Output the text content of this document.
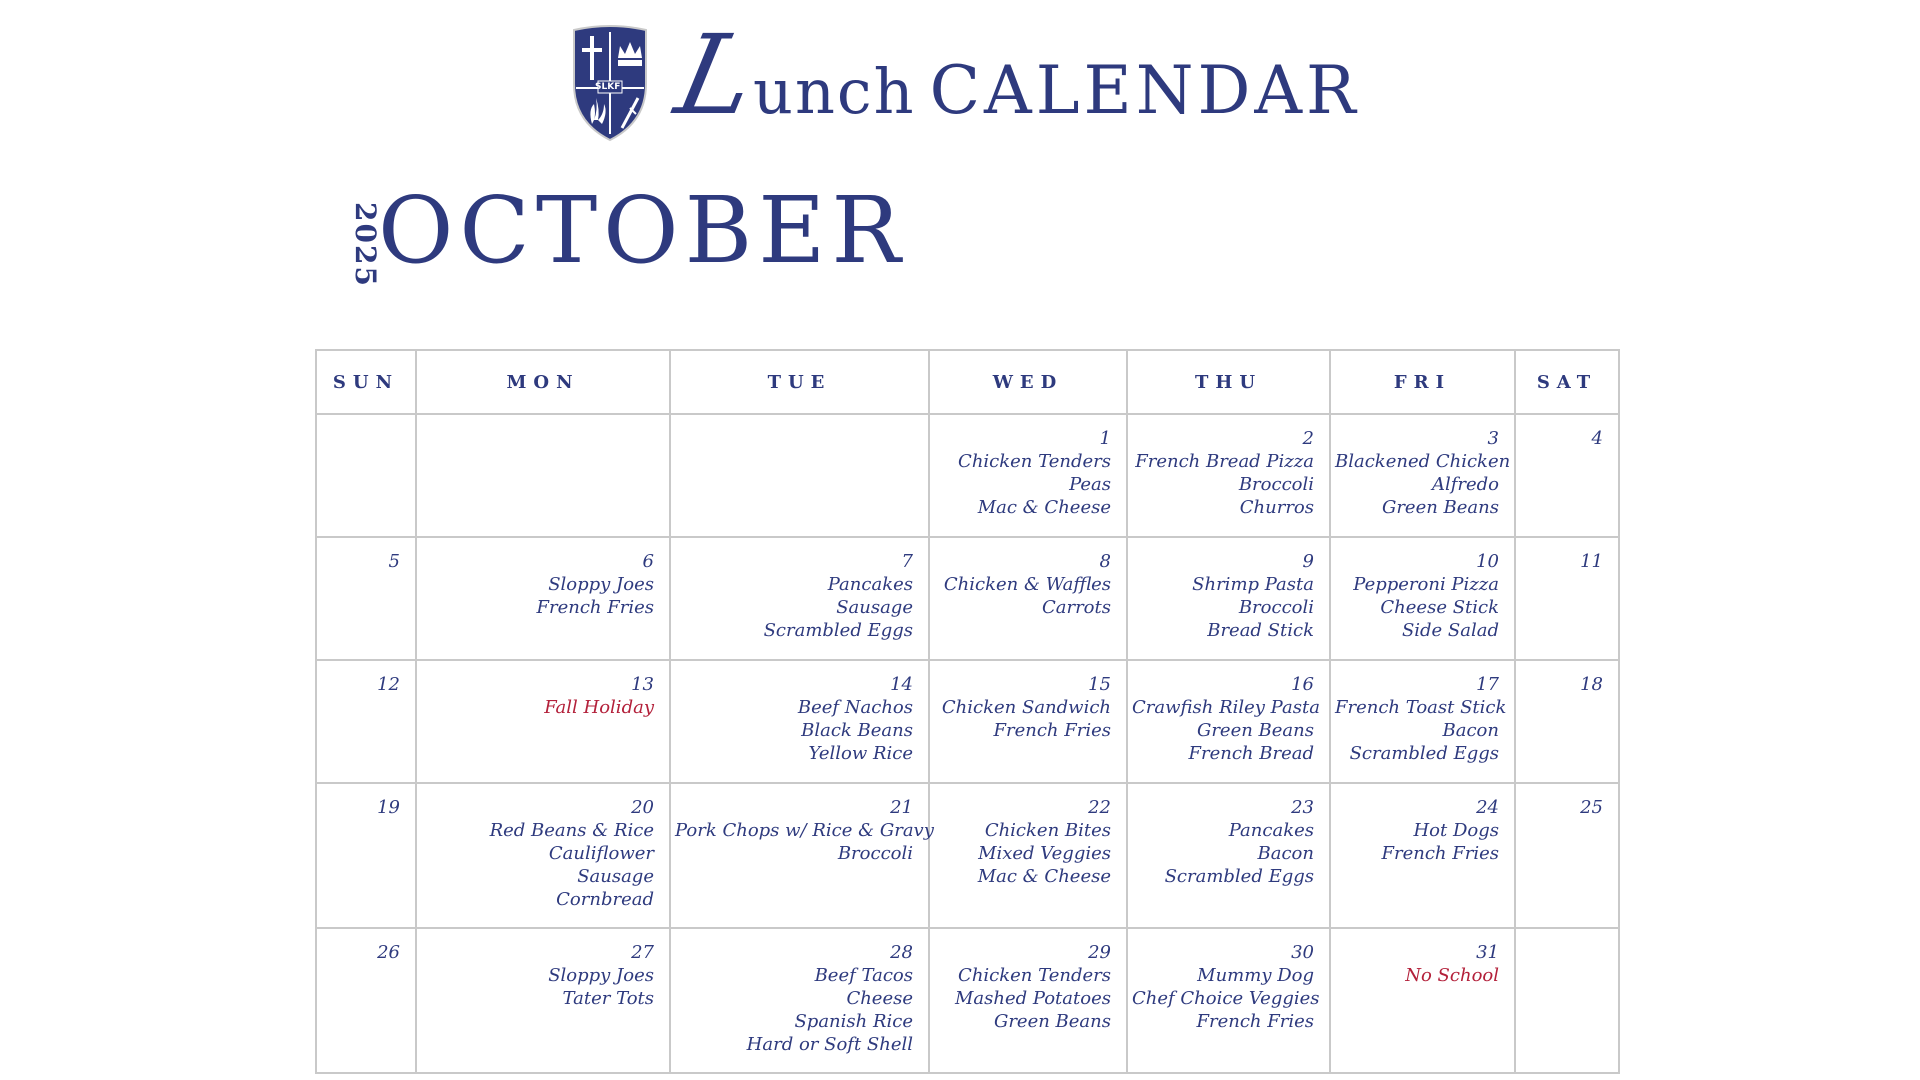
SLKF L
unch CALENDAR
2025
OCTOBER
SUN	MON	TUE	WED	THU	FRI	SAT

			1
Chicken Tenders
Peas
Mac & Cheese	2
French Bread Pizza
Broccoli
Churros	3
Blackened Chicken
Alfredo
Green Beans	4

5	6
Sloppy Joes
French Fries	7
Pancakes
Sausage
Scrambled Eggs	8
Chicken & Waffles
Carrots	9
Shrimp Pasta
Broccoli
Bread Stick	10
Pepperoni Pizza
Cheese Stick
Side Salad	11

12	13
Fall Holiday	14
Beef Nachos
Black Beans
Yellow Rice	15
Chicken Sandwich
French Fries	16
Crawfish Riley Pasta
Green Beans
French Bread	17
French Toast Stick
Bacon
Scrambled Eggs	18

19	20
Red Beans & Rice
Cauliflower
Sausage
Cornbread	21
Pork Chops w/ Rice & Gravy
Broccoli	22
Chicken Bites
Mixed Veggies
Mac & Cheese	23
Pancakes
Bacon
Scrambled Eggs	24
Hot Dogs
French Fries	25

26	27
Sloppy Joes
Tater Tots	28
Beef Tacos
Cheese
Spanish Rice
Hard or Soft Shell	29
Chicken Tenders
Mashed Potatoes
Green Beans	30
Mummy Dog
Chef Choice Veggies
French Fries	31
No School	
